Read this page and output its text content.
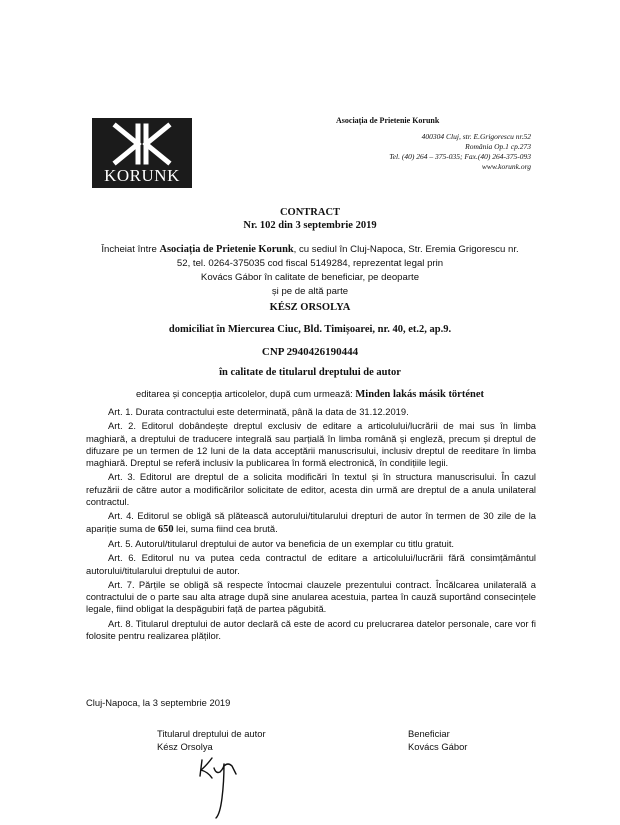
KORUNK
Asociația de Prietenie Korunk
400304 Cluj, str. E.Grigorescu nr.52
România Op.1 cp.273
Tel. (40) 264 – 375-035; Fax.(40) 264-375-093
www.korunk.org
CONTRACT
Nr. 102 din 3 septembrie 2019
Încheiat între Asociația de Prietenie Korunk, cu sediul în Cluj-Napoca, Str. Eremia Grigorescu nr.
52, tel. 0264-375035 cod fiscal 5149284, reprezentat legal prin
Kovács Gábor în calitate de beneficiar, pe deoparte
și pe de altă parte
KÉSZ ORSOLYA
domiciliat în Miercurea Ciuc, Bld. Timișoarei, nr. 40, et.2, ap.9.
CNP 2940426190444
în calitate de titularul dreptului de autor
editarea și concepția articolelor, după cum urmează: Minden lakás másik történet

Art. 1. Durata contractului este determinată, până la data de 31.12.2019.

Art. 2. Editorul dobândește dreptul exclusiv de editare a articolului/lucrării de mai sus în limba maghiară, a dreptului de traducere integrală sau parțială în limba română și engleză, precum și dreptul de difuzare pe un termen de 12 luni de la data acceptării manuscrisului, inclusiv dreptul de reeditare în limba maghiară. Dreptul se referă inclusiv la publicarea în formă electronică, în condițiile legii.

Art. 3. Editorul are dreptul de a solicita modificări în textul și în structura manuscrisului. În cazul refuzării de către autor a modificărilor solicitate de editor, acesta din urmă are dreptul de a anula unilateral contractul.

Art. 4. Editorul se obligă să plătească autorului/titularului drepturi de autor în termen de 30 zile de la apariție suma de 650 lei, suma fiind cea brută.

Art. 5. Autorul/titularul dreptului de autor va beneficia de un exemplar cu titlu gratuit.

Art. 6. Editorul nu va putea ceda contractul de editare a articolului/lucrării fără consimțământul autorului/titularului dreptului de autor.

Art. 7. Părțile se obligă să respecte întocmai clauzele prezentului contract. Încălcarea unilaterală a contractului de o parte sau alta atrage după sine anularea acestuia, partea în cauză suportând consecințele legale, fiind obligat la despăgubiri față de partea păgubită.

Art. 8. Titularul dreptului de autor declară că este de acord cu prelucrarea datelor personale, care vor fi folosite pentru realizarea plăților.

Cluj-Napoca, la 3 septembrie 2019
Titularul dreptului de autor
Kész Orsolya
Beneficiar
Kovács Gábor
